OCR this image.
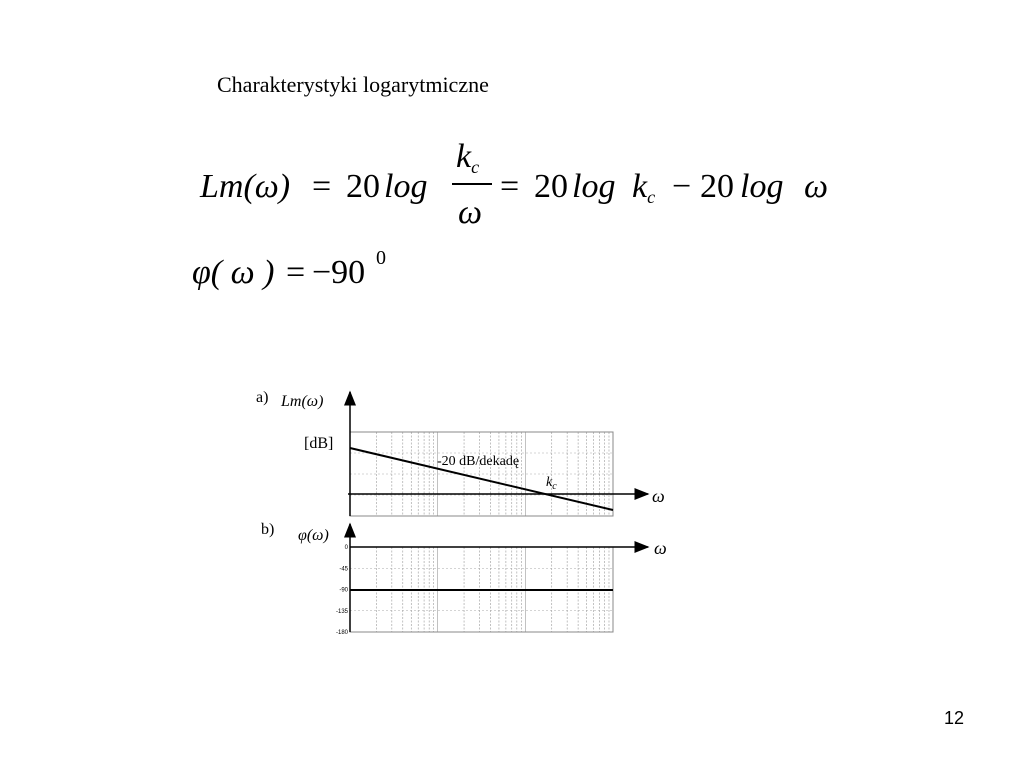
Charakterystyki logarytmiczne
Lm(ω) = 20 log
$k_c$
ω
= 20 $\log k_c - 20$ log ω
φ( ω ) = −90 0
a) Lm(ω)
[dB]
-20 dB/dekadę
$k_c$	ω
b) φ(ω)
ω
0
-45
-90
-135
-180
12
